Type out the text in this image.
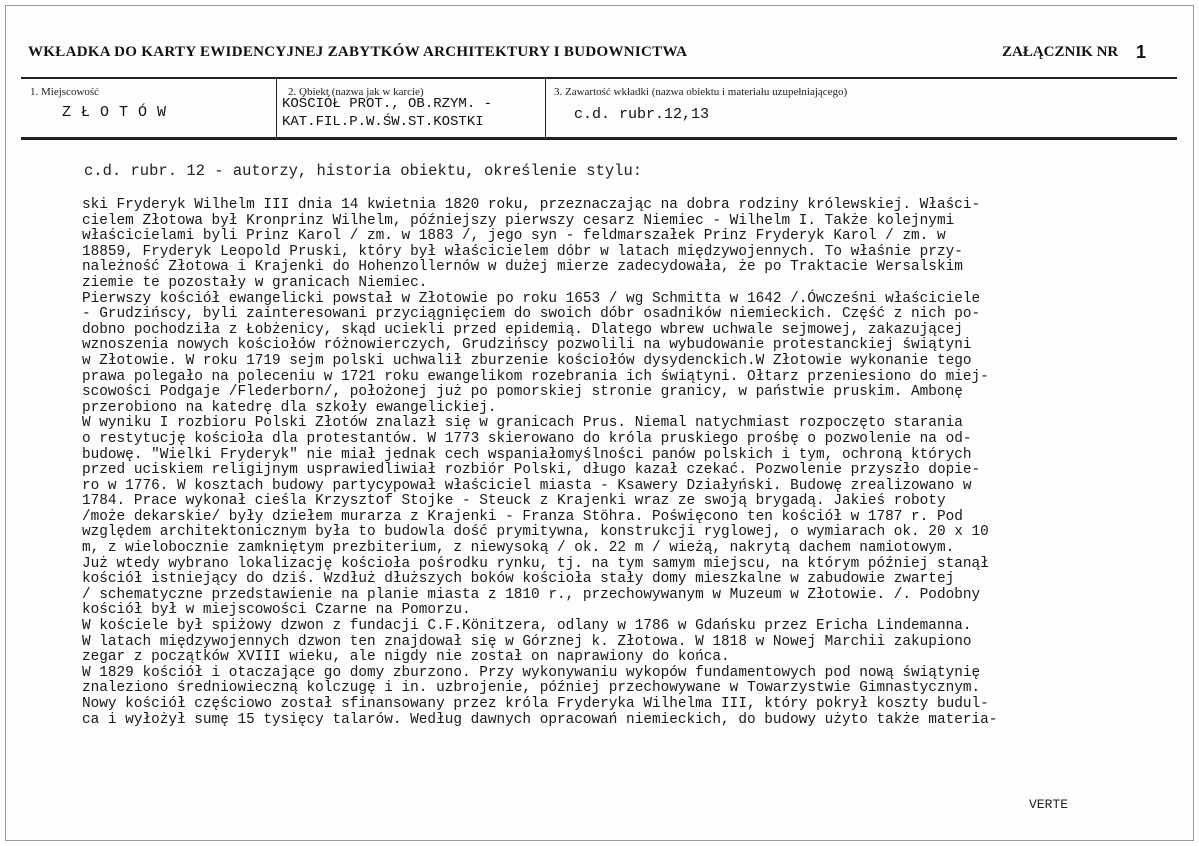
WKŁADKA DO KARTY EWIDENCYJNEJ ZABYTKÓW ARCHITEKTURY I BUDOWNICTWA	ZAŁĄCZNIK NR 1
1. Miejscowość
ZŁOTÓW
2. Obiekt (nazwa jak w karcie)
KOŚCIÓŁ PROT., OB.RZYM. -
KAT.FIL.P.W.ŚW.ST.KOSTKI
3. Zawartość wkładki (nazwa obiektu i materiału uzupełniającego)
c.d. rubr.12,13
c.d. rubr. 12 - autorzy, historia obiektu, określenie stylu:
ski Fryderyk Wilhelm III dnia 14 kwietnia 1820 roku, przeznaczając na dobra rodziny królewskiej. Właści-
cielem Złotowa był Kronprinz Wilhelm, późniejszy pierwszy cesarz Niemiec - Wilhelm I. Także kolejnymi
właścicielami byli Prinz Karol / zm. w 1883 /, jego syn - feldmarszałek Prinz Fryderyk Karol / zm. w
18859, Fryderyk Leopold Pruski, który był właścicielem dóbr w latach międzywojennych. To właśnie przy-
należność Złotowa i Krajenki do Hohenzollernów w dużej mierze zadecydowała, że po Traktacie Wersalskim
ziemie te pozostały w granicach Niemiec.
Pierwszy kościół ewangelicki powstał w Złotowie po roku 1653 / wg Schmitta w 1642 /.Ówcześni właściciele
- Grudzińscy, byli zainteresowani przyciągnięciem do swoich dóbr osadników niemieckich. Część z nich po-
dobno pochodziła z Łobżenicy, skąd uciekli przed epidemią. Dlatego wbrew uchwale sejmowej, zakazującej
wznoszenia nowych kościołów różnowierczych, Grudzińscy pozwolili na wybudowanie protestanckiej świątyni
w Złotowie. W roku 1719 sejm polski uchwalił zburzenie kościołów dysydenckich.W Złotowie wykonanie tego
prawa polegało na poleceniu w 1721 roku ewangelikom rozebrania ich świątyni. Ołtarz przeniesiono do miej-
scowości Podgaje /Flederborn/, położonej już po pomorskiej stronie granicy, w państwie pruskim. Ambonę
przerobiono na katedrę dla szkoły ewangelickiej.
W wyniku I rozbioru Polski Złotów znalazł się w granicach Prus. Niemal natychmiast rozpoczęto starania
o restytucję kościoła dla protestantów. W 1773 skierowano do króla pruskiego prośbę o pozwolenie na od-
budowę. "Wielki Fryderyk" nie miał jednak cech wspaniałomyślności panów polskich i tym, ochroną których
przed uciskiem religijnym usprawiedliwiał rozbiór Polski, długo kazał czekać. Pozwolenie przyszło dopie-
ro w 1776. W kosztach budowy partycypował właściciel miasta - Ksawery Działyński. Budowę zrealizowano w
1784. Prace wykonał cieśla Krzysztof Stojke - Steuck z Krajenki wraz ze swoją brygadą. Jakieś roboty
/może dekarskie/ były dziełem murarza z Krajenki - Franza Stöhra. Poświęcono ten kościół w 1787 r. Pod
względem architektonicznym była to budowla dość prymitywna, konstrukcji ryglowej, o wymiarach ok. 20 x 10
m, z wielobocznie zamkniętym prezbiterium, z niewysoką / ok. 22 m / wieżą, nakrytą dachem namiotowym.
Już wtedy wybrano lokalizację kościoła pośrodku rynku, tj. na tym samym miejscu, na którym później stanął
kościół istniejący do dziś. Wzdłuż dłuższych boków kościoła stały domy mieszkalne w zabudowie zwartej
/ schematyczne przedstawienie na planie miasta z 1810 r., przechowywanym w Muzeum w Złotowie. /. Podobny
kościół był w miejscowości Czarne na Pomorzu.
W kościele był spiżowy dzwon z fundacji C.F.Könitzera, odlany w 1786 w Gdańsku przez Ericha Lindemanna.
W latach międzywojennych dzwon ten znajdował się w Górznej k. Złotowa. W 1818 w Nowej Marchii zakupiono
zegar z początków XVIII wieku, ale nigdy nie został on naprawiony do końca.
W 1829 kościół i otaczające go domy zburzono. Przy wykonywaniu wykopów fundamentowych pod nową świątynię
znaleziono średniowieczną kolczugę i in. uzbrojenie, później przechowywane w Towarzystwie Gimnastycznym.
Nowy kościół częściowo został sfinansowany przez króla Fryderyka Wilhelma III, który pokrył koszty budul-
ca i wyłożył sumę 15 tysięcy talarów. Według dawnych opracowań niemieckich, do budowy użyto także materia-
VERTE
